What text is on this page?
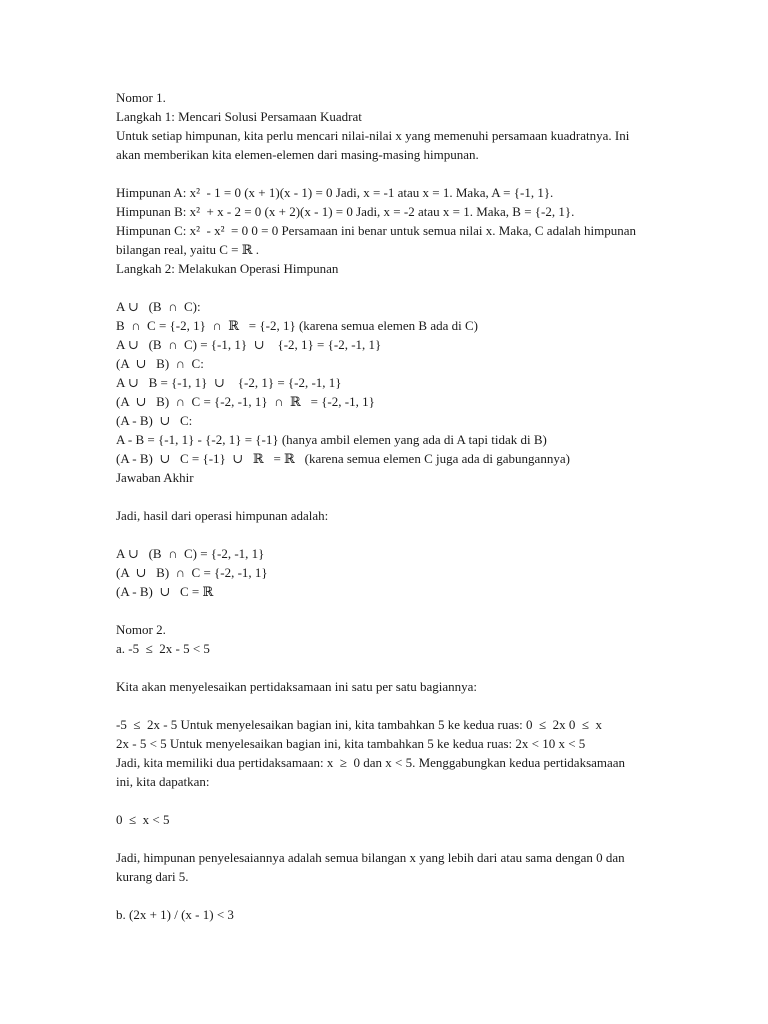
Nomor 1.
Langkah 1: Mencari Solusi Persamaan Kuadrat
Untuk setiap himpunan, kita perlu mencari nilai-nilai x yang memenuhi persamaan kuadratnya. Ini
akan memberikan kita elemen-elemen dari masing-masing himpunan.
Himpunan A: x²  - 1 = 0 (x + 1)(x - 1) = 0 Jadi, x = -1 atau x = 1. Maka, A = {-1, 1}.
Himpunan B: x²  + x - 2 = 0 (x + 2)(x - 1) = 0 Jadi, x = -2 atau x = 1. Maka, B = {-2, 1}.
Himpunan C: x²  - x²  = 0 0 = 0 Persamaan ini benar untuk semua nilai x. Maka, C adalah himpunan
bilangan real, yaitu C = ℝ .
Langkah 2: Melakukan Operasi Himpunan
A ∪   (B  ∩  C):
B  ∩  C = {-2, 1}  ∩  ℝ   = {-2, 1} (karena semua elemen B ada di C)
A ∪   (B  ∩  C) = {-1, 1}  ∪    {-2, 1} = {-2, -1, 1}
(A  ∪   B)  ∩  C:
A ∪   B = {-1, 1}  ∪    {-2, 1} = {-2, -1, 1}
(A  ∪   B)  ∩  C = {-2, -1, 1}  ∩  ℝ   = {-2, -1, 1}
(A - B)  ∪   C:
A - B = {-1, 1} - {-2, 1} = {-1} (hanya ambil elemen yang ada di A tapi tidak di B)
(A - B)  ∪   C = {-1}  ∪   ℝ   = ℝ   (karena semua elemen C juga ada di gabungannya)
Jawaban Akhir
Jadi, hasil dari operasi himpunan adalah:
A ∪   (B  ∩  C) = {-2, -1, 1}
(A  ∪   B)  ∩  C = {-2, -1, 1}
(A - B)  ∪   C = ℝ
Nomor 2.
a. -5  ≤  2x - 5 < 5
Kita akan menyelesaikan pertidaksamaan ini satu per satu bagiannya:
-5  ≤  2x - 5 Untuk menyelesaikan bagian ini, kita tambahkan 5 ke kedua ruas: 0  ≤  2x 0  ≤  x
2x - 5 < 5 Untuk menyelesaikan bagian ini, kita tambahkan 5 ke kedua ruas: 2x < 10 x < 5
Jadi, kita memiliki dua pertidaksamaan: x  ≥  0 dan x < 5. Menggabungkan kedua pertidaksamaan
ini, kita dapatkan:
0  ≤  x < 5
Jadi, himpunan penyelesaiannya adalah semua bilangan x yang lebih dari atau sama dengan 0 dan
kurang dari 5.
b. (2x + 1) / (x - 1) < 3
